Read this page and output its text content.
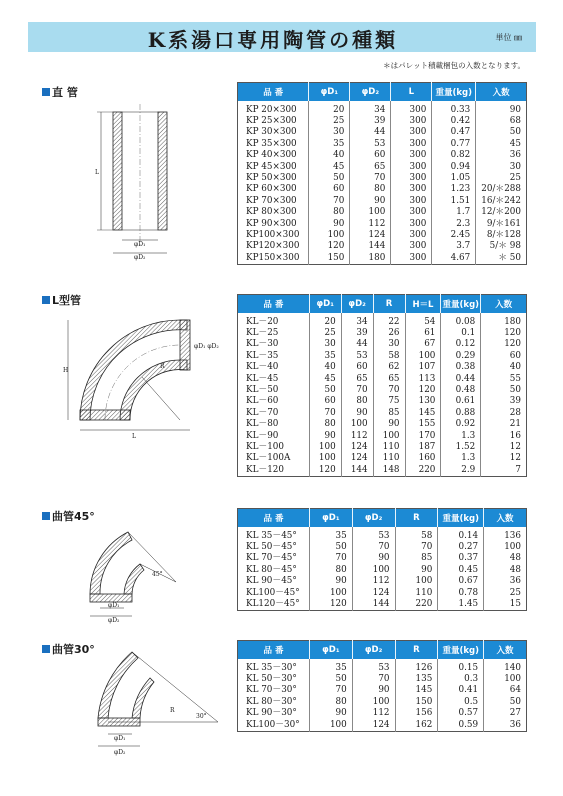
K系湯口専用陶管の種類	単位 ㎜
＊はパレット積載梱包の入数となります。
直 管
L
φD₁
φD₂
品 番	φD₁	φD₂	L	重量(kg)	入数
KP 20×300	20	34	300	0.33	90
KP 25×300	25	39	300	0.42	68
KP 30×300	30	44	300	0.47	50
KP 35×300	35	53	300	0.77	45
KP 40×300	40	60	300	0.82	36
KP 45×300	45	65	300	0.94	30
KP 50×300	50	70	300	1.05	25
KP 60×300	60	80	300	1.23	20/＊288
KP 70×300	70	90	300	1.51	16/＊242
KP 80×300	80	100	300	1.7	12/＊200
KP 90×300	90	112	300	2.3	9/＊161
KP100×300	100	124	300	2.45	8/＊128
KP120×300	120	144	300	3.7	5/＊ 98
KP150×300	150	180	300	4.67	＊ 50
L型管
R
H
L
φD₁ φD₂
品 番	φD₁	φD₂	R	H＝L	重量(kg)	入数
KL－20	20	34	22	54	0.08	180
KL－25	25	39	26	61	0.1	120
KL－30	30	44	30	67	0.12	120
KL－35	35	53	58	100	0.29	60
KL－40	40	60	62	107	0.38	40
KL－45	45	65	65	113	0.44	55
KL－50	50	70	70	120	0.48	50
KL－60	60	80	75	130	0.61	39
KL－70	70	90	85	145	0.88	28
KL－80	80	100	90	155	0.92	21
KL－90	90	112	100	170	1.3	16
KL－100	100	124	110	187	1.52	12
KL－100A	100	124	110	160	1.3	12
KL－120	120	144	148	220	2.9	7
曲管45°
45°
φD₁
φD₂
品 番	φD₁	φD₂	R	重量(kg)	入数
KL 35－45°	35	53	58	0.14	136
KL 50－45°	50	70	70	0.27	100
KL 70－45°	70	90	85	0.37	48
KL 80－45°	80	100	90	0.45	48
KL 90－45°	90	112	100	0.67	36
KL100－45°	100	124	110	0.78	25
KL120－45°	120	144	220	1.45	15
曲管30°
R
30°
φD₁
φD₂
品 番	φD₁	φD₂	R	重量(kg)	入数
KL 35－30°	35	53	126	0.15	140
KL 50－30°	50	70	135	0.3	100
KL 70－30°	70	90	145	0.41	64
KL 80－30°	80	100	150	0.5	50
KL 90－30°	90	112	156	0.57	27
KL100－30°	100	124	162	0.59	36
